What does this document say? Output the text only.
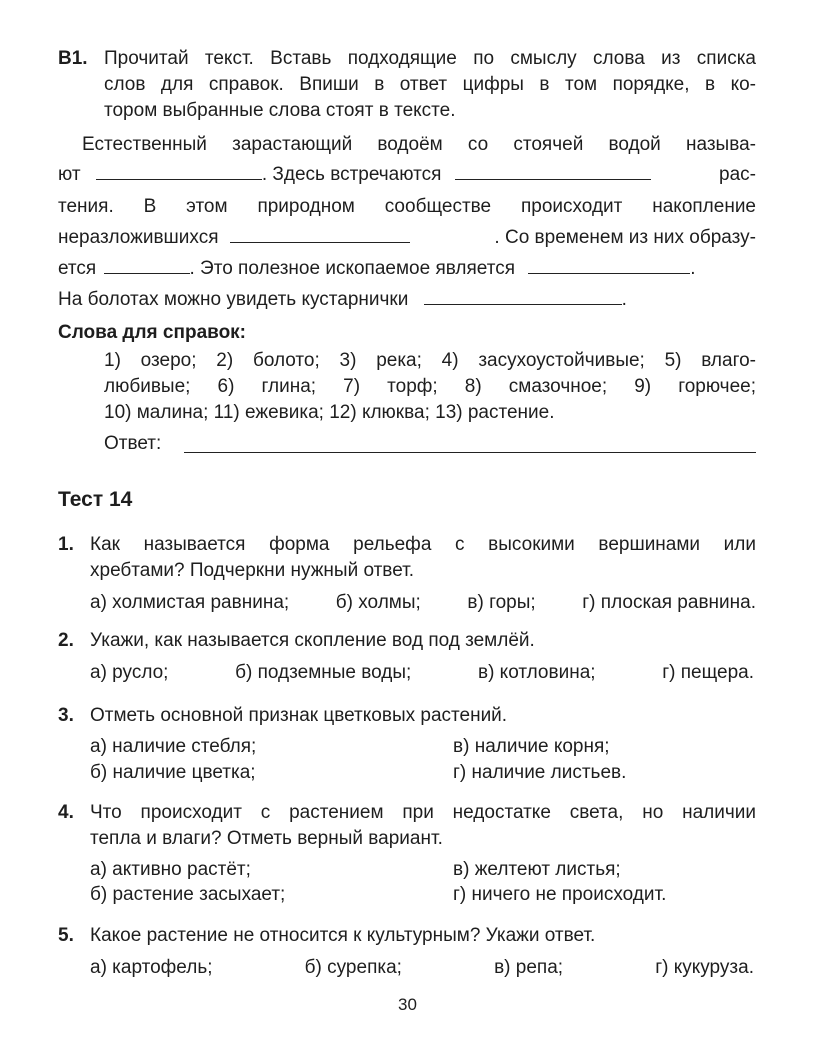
В1. Прочитай текст. Вставь подходящие по смыслу слова из списка
слов для справок. Впиши в ответ цифры в том порядке, в ко-
тором выбранные слова стоят в тексте.
Естественный зарастающий водоём со стоячей водой называ-
ют	. Здесь встречаются	рас-
тения. В этом природном сообществе происходит накопление
неразложившихся	. Со временем из них образу-
ется	. Это полезное ископаемое является	.
На болотах можно увидеть кустарнички	.
Слова для справок:
1) озеро; 2) болото; 3) река; 4) засухоустойчивые; 5) влаго-
любивые; 6) глина; 7) торф; 8) смазочное; 9) горючее;
10) малина; 11) ежевика; 12) клюква; 13) растение.
Ответ:
Тест 14
1. Как называется форма рельефа с высокими вершинами или
хребтами? Подчеркни нужный ответ.
а) холмистая равнина; б) холмы; в) горы; г) плоская равнина.
2. Укажи, как называется скопление вод под землёй.
а) русло;	б) подземные воды;	в) котловина;	г) пещера.
3. Отметь основной признак цветковых растений.
а) наличие стебля;	в) наличие корня;
б) наличие цветка;	г) наличие листьев.
4. Что происходит с растением при недостатке света, но наличии
тепла и влаги? Отметь верный вариант.
а) активно растёт;	в) желтеют листья;
б) растение засыхает;	г) ничего не происходит.
5. Какое растение не относится к культурным? Укажи ответ.
а) картофель;	б) сурепка;	в) репа;	г) кукуруза.
30
